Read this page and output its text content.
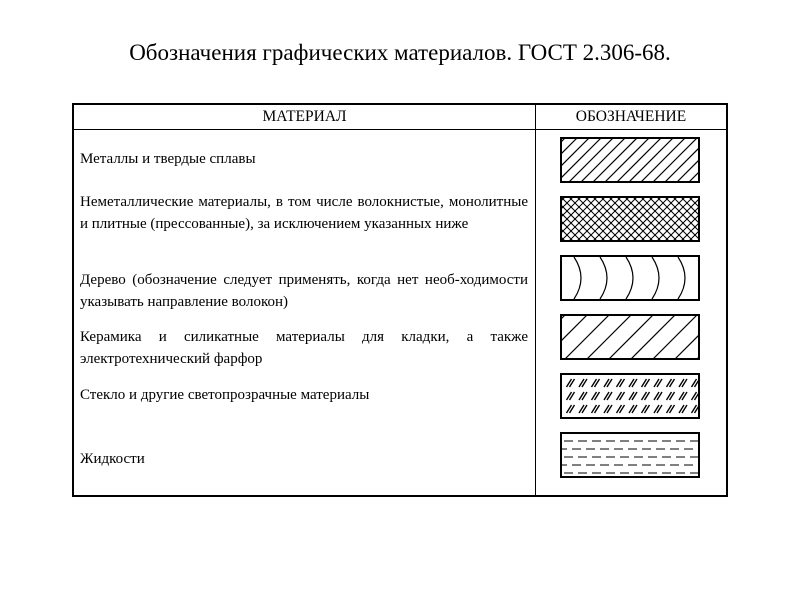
Обозначения графических материалов. ГОСТ 2.306-68.
МАТЕРИАЛ	ОБОЗНАЧЕНИЕ
Металлы и твердые сплавы
Неметаллические материалы, в том числе волокнистые, монолитные и плитные (прессованные), за исключением указанных ниже
Дерево (обозначение следует применять, когда нет необ-ходимости указывать направление волокон)
Керамика и силикатные материалы для кладки, а также электротехнический фарфор
Стекло и другие светопрозрачные материалы
Жидкости
